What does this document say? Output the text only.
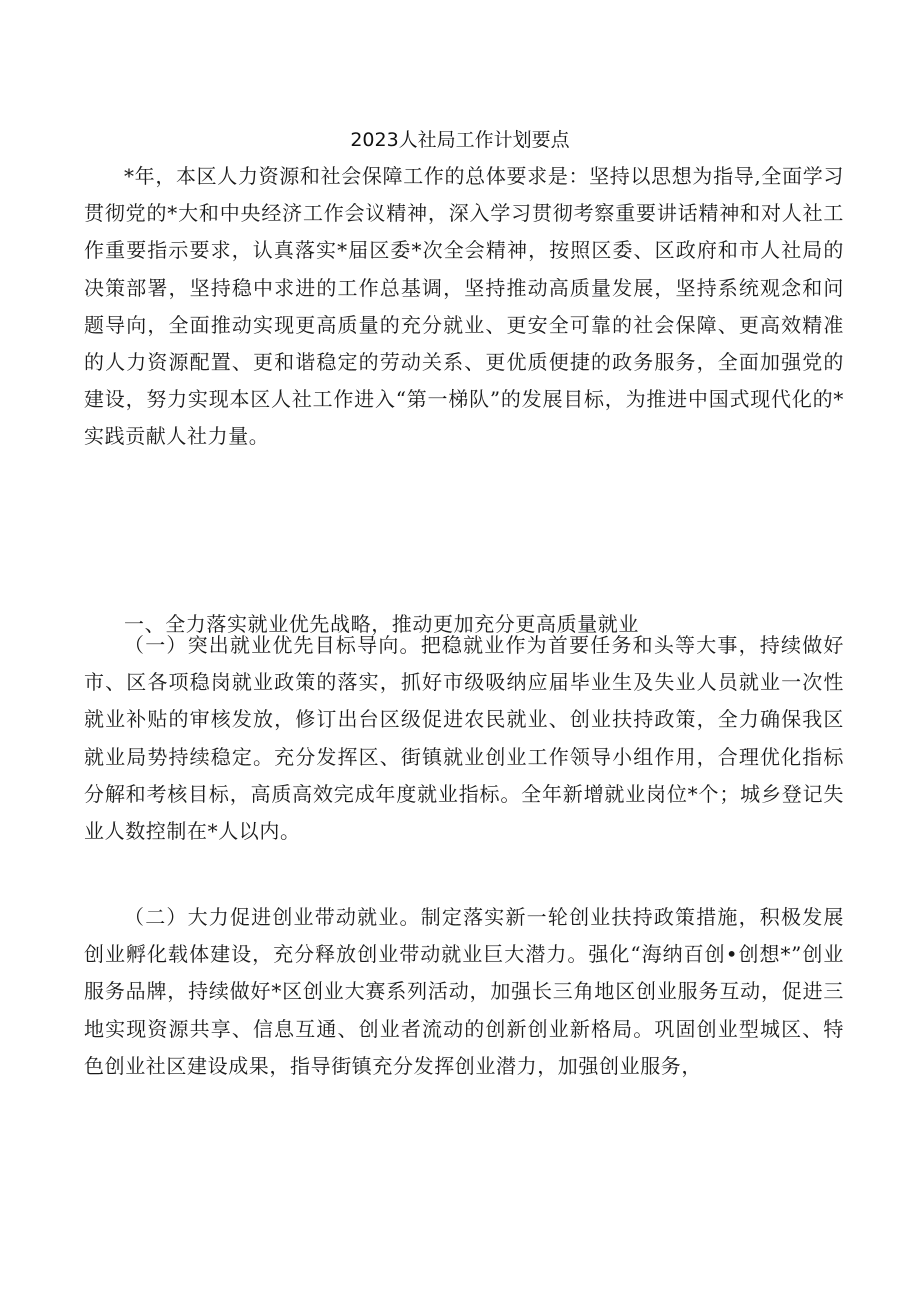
2023人社局工作计划要点

*年，本区人力资源和社会保障工作的总体要求是：坚持以思想为指导,全面学习贯彻党的*大和中央经济工作会议精神，深入学习贯彻考察重要讲话精神和对人社工作重要指示要求，认真落实*届区委*次全会精神，按照区委、区政府和市人社局的决策部署，坚持稳中求进的工作总基调，坚持推动高质量发展，坚持系统观念和问题导向，全面推动实现更高质量的充分就业、更安全可靠的社会保障、更高效精准的人力资源配置、更和谐稳定的劳动关系、更优质便捷的政务服务，全面加强党的建设，努力实现本区人社工作进入“第一梯队”的发展目标，为推进中国式现代化的*实践贡献人社力量。

一、全力落实就业优先战略，推动更加充分更高质量就业

（一）突出就业优先目标导向。把稳就业作为首要任务和头等大事，持续做好市、区各项稳岗就业政策的落实，抓好市级吸纳应届毕业生及失业人员就业一次性就业补贴的审核发放，修订出台区级促进农民就业、创业扶持政策，全力确保我区就业局势持续稳定。充分发挥区、街镇就业创业工作领导小组作用，合理优化指标分解和考核目标，高质高效完成年度就业指标。全年新增就业岗位*个；城乡登记失业人数控制在*人以内。

（二）大力促进创业带动就业。制定落实新一轮创业扶持政策措施，积极发展创业孵化载体建设，充分释放创业带动就业巨大潜力。强化“海纳百创•创想*”创业服务品牌，持续做好*区创业大赛系列活动，加强长三角地区创业服务互动，促进三地实现资源共享、信息互通、创业者流动的创新创业新格局。巩固创业型城区、特色创业社区建设成果，指导街镇充分发挥创业潜力，加强创业服务，
